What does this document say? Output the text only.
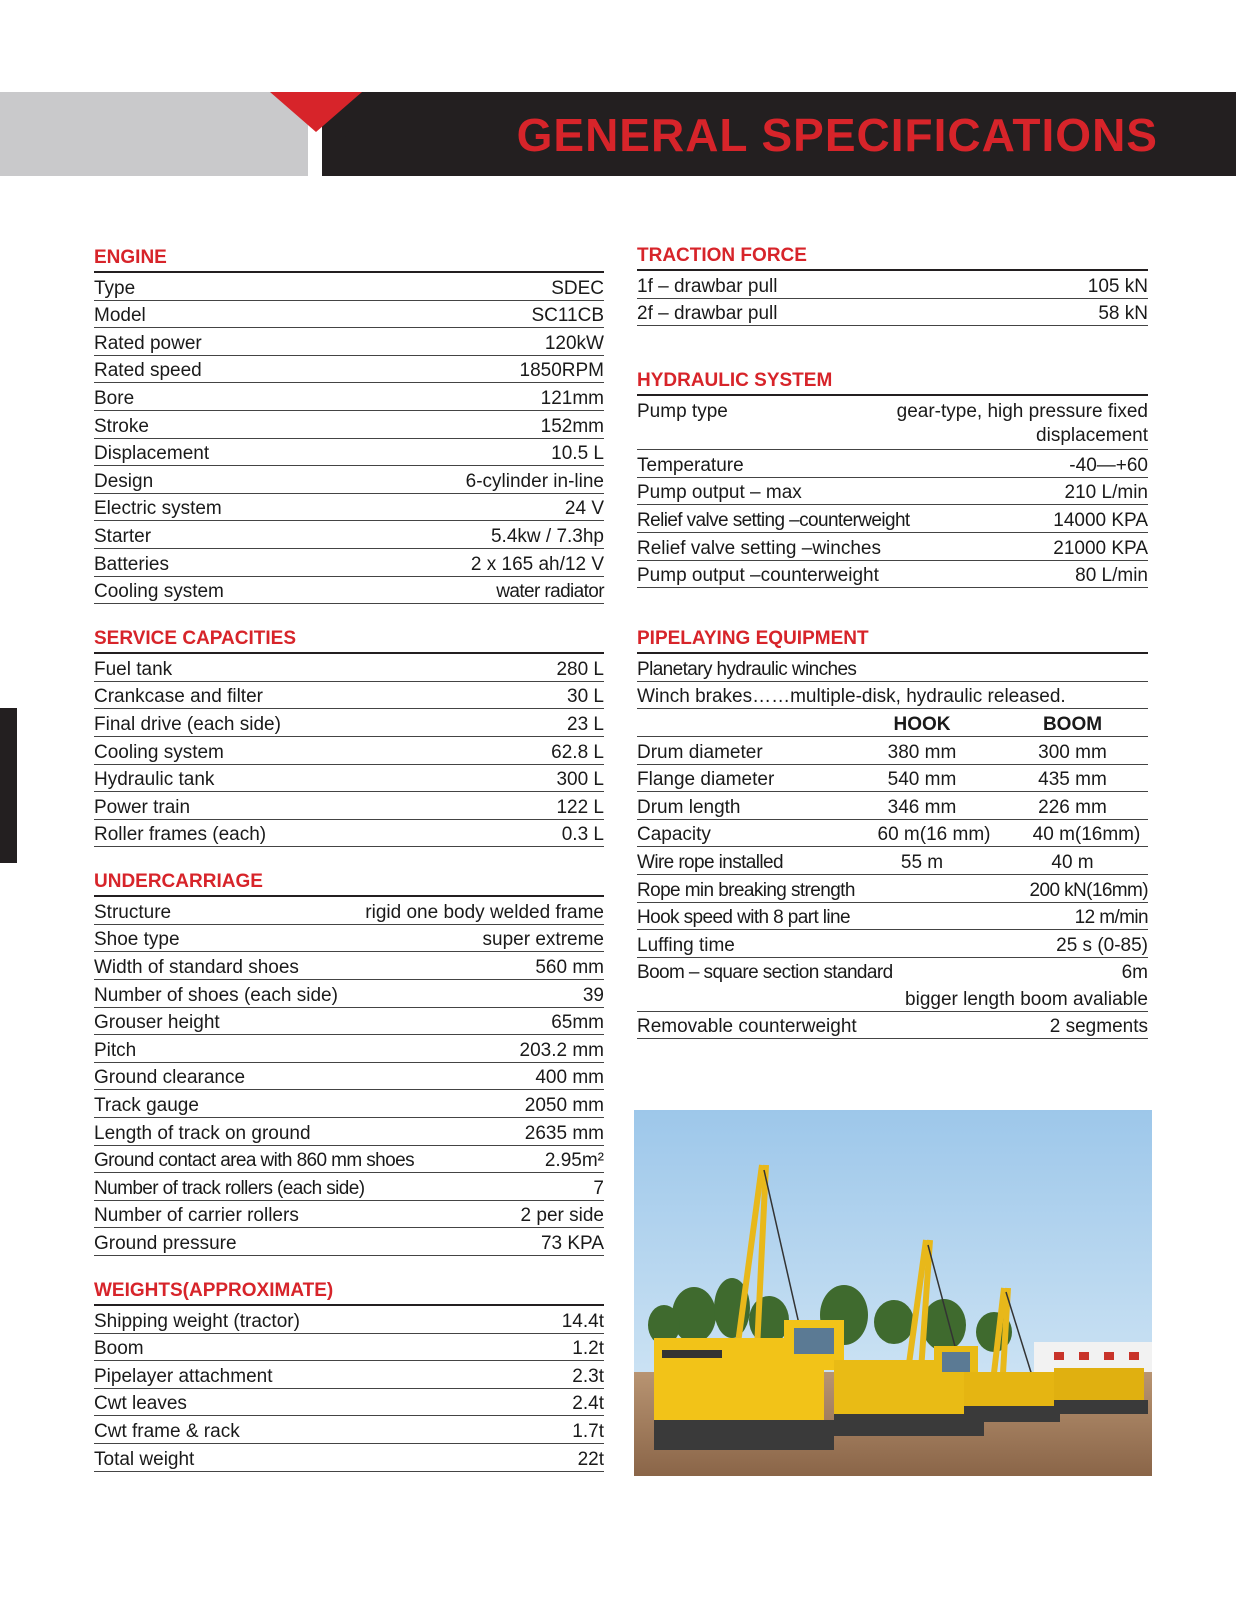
GENERAL SPECIFICATIONS
ENGINE
Type	SDEC
Model	SC11CB
Rated power	120kW
Rated speed	1850RPM
Bore	121mm
Stroke	152mm
Displacement	10.5 L
Design	6-cylinder in-line
Electric system	24 V
Starter	5.4kw / 7.3hp
Batteries	2 x 165 ah/12 V
Cooling system	water radiator
SERVICE CAPACITIES
Fuel tank	280 L
Crankcase and filter	30 L
Final drive (each side)	23 L
Cooling system	62.8 L
Hydraulic tank	300 L
Power train	122 L
Roller frames (each)	0.3 L
UNDERCARRIAGE
Structure	rigid one body welded frame
Shoe type	super extreme
Width of standard shoes	560 mm
Number of shoes (each side)	39
Grouser height	65mm
Pitch	203.2 mm
Ground clearance	400 mm
Track gauge	2050 mm
Length of track on ground	2635 mm
Ground contact area with 860 mm shoes	2.95m²
Number of track rollers (each side)	7
Number of carrier rollers	2 per side
Ground pressure	73 KPA
WEIGHTS(APPROXIMATE)
Shipping weight (tractor)	14.4t
Boom	1.2t
Pipelayer attachment	2.3t
Cwt leaves	2.4t
Cwt frame & rack	1.7t
Total weight	22t
TRACTION FORCE
1f – drawbar pull	105 kN
2f – drawbar pull	58 kN
HYDRAULIC SYSTEM
Pump type	gear-type, high pressure fixed
displacement
Temperature	-40—+60
Pump output – max	210 L/min
Relief valve setting –counterweight	14000 KPA
Relief valve setting –winches	21000 KPA
Pump output –counterweight	80 L/min
PIPELAYING EQUIPMENT
Planetary hydraulic winches
Winch brakes……multiple-disk, hydraulic released.
HOOK	BOOM
Drum diameter	380 mm	300 mm
Flange diameter	540 mm	435 mm
Drum length	346 mm	226 mm
Capacity	60 m(16 mm)	40 m(16mm)
Wire rope installed	55 m	40 m
Rope min breaking strength	200 kN(16mm)
Hook speed with 8 part line	12 m/min
Luffing time	25 s (0-85)
Boom – square section standard	6m
bigger length boom avaliable
Removable counterweight	2 segments
